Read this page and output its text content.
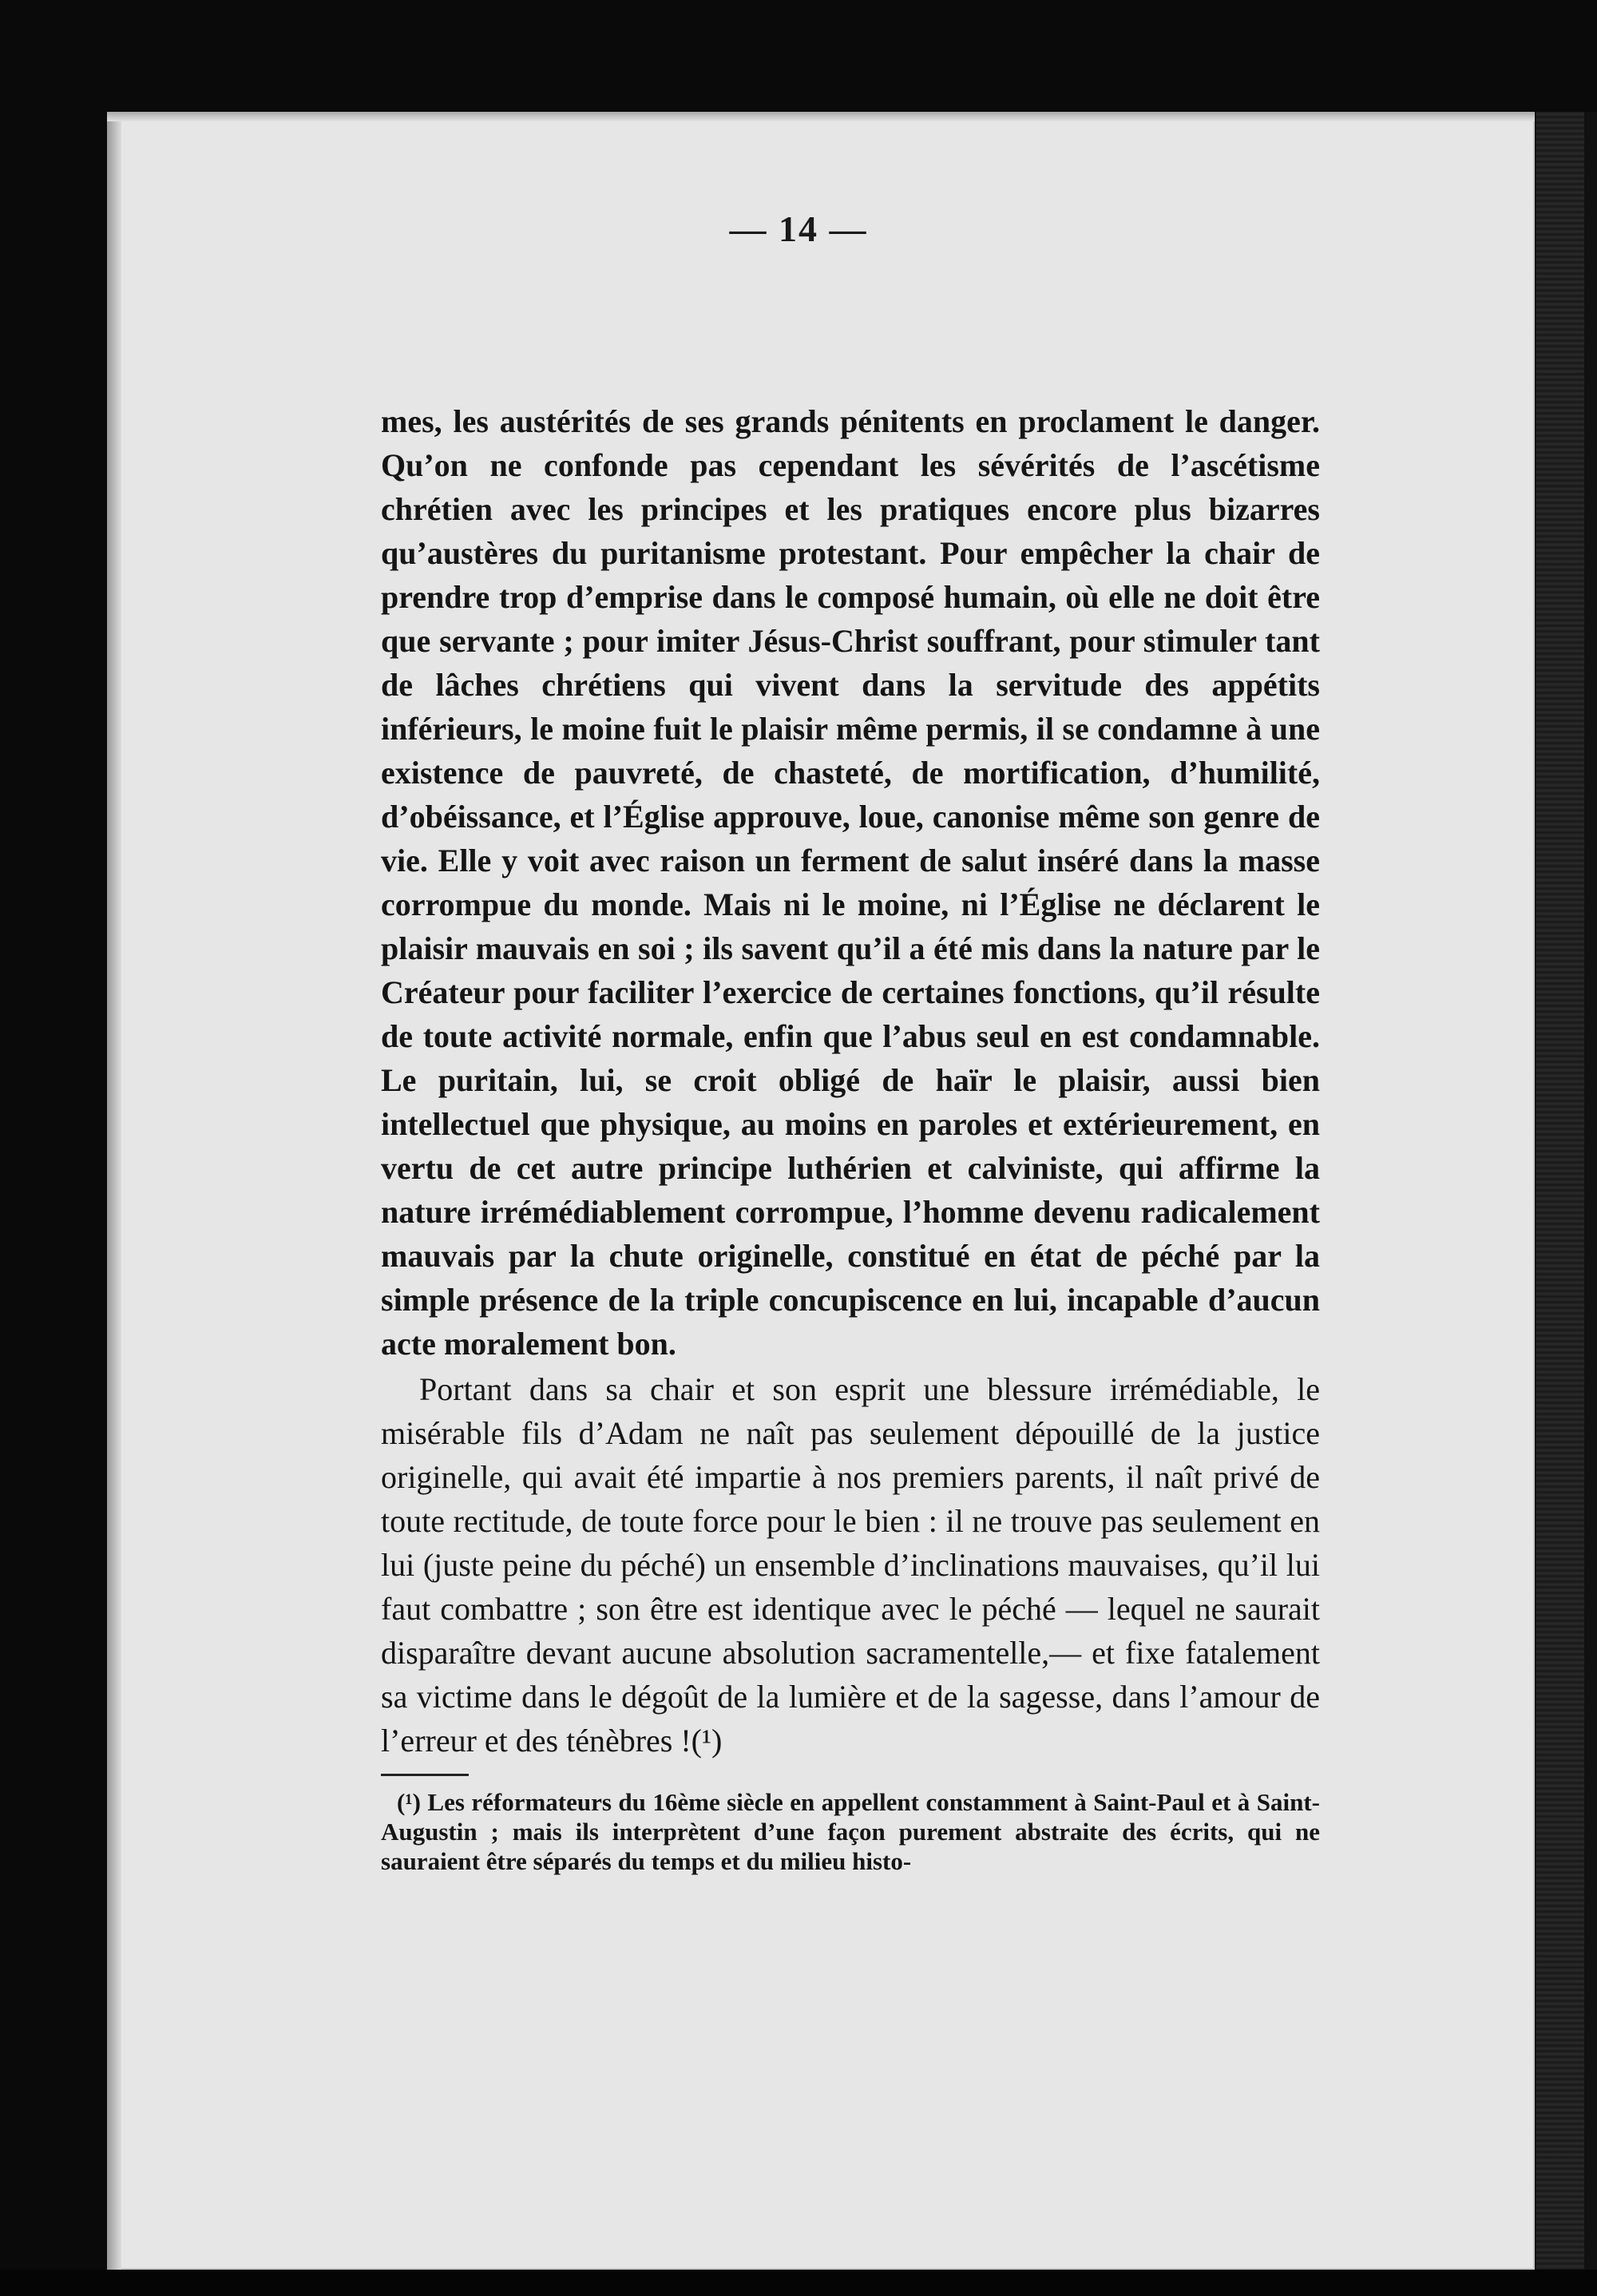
— 14 —

mes, les austérités de ses grands pénitents en proclament le danger. Qu’on ne confonde pas cependant les sévérités de l’ascétisme chrétien avec les principes et les pratiques encore plus bizarres qu’austères du puritanisme protestant. Pour empêcher la chair de prendre trop d’emprise dans le composé humain, où elle ne doit être que servante ; pour imiter Jésus-Christ souffrant, pour stimuler tant de lâches chrétiens qui vivent dans la servitude des appétits inférieurs, le moine fuit le plaisir même permis, il se condamne à une existence de pauvreté, de chasteté, de mortification, d’humilité, d’obéissance, et l’Église approuve, loue, canonise même son genre de vie. Elle y voit avec raison un ferment de salut inséré dans la masse corrompue du monde. Mais ni le moine, ni l’Église ne déclarent le plaisir mauvais en soi ; ils savent qu’il a été mis dans la nature par le Créateur pour faciliter l’exercice de certaines fonctions, qu’il résulte de toute activité normale, enfin que l’abus seul en est condamnable. Le puritain, lui, se croit obligé de haïr le plaisir, aussi bien intellectuel que physique, au moins en paroles et extérieurement, en vertu de cet autre principe luthérien et calviniste, qui affirme la nature irrémédiablement corrompue, l’homme devenu radicalement mauvais par la chute originelle, constitué en état de péché par la simple présence de la triple concupiscence en lui, incapable d’aucun acte moralement bon.

Portant dans sa chair et son esprit une blessure irrémédiable, le misérable fils d’Adam ne naît pas seulement dépouillé de la justice originelle, qui avait été impartie à nos premiers parents, il naît privé de toute rectitude, de toute force pour le bien : il ne trouve pas seulement en lui (juste peine du péché) un ensemble d’inclinations mauvaises, qu’il lui faut combattre ; son être est identique avec le péché — lequel ne saurait disparaître devant aucune absolution sacramentelle,— et fixe fatalement sa victime dans le dégoût de la lumière et de la sagesse, dans l’amour de l’erreur et des ténèbres !(¹)

(¹) Les réformateurs du 16ème siècle en appellent constamment à Saint-Paul et à Saint-Augustin ; mais ils interprètent d’une façon purement abstraite des écrits, qui ne sauraient être séparés du temps et du milieu histo-
